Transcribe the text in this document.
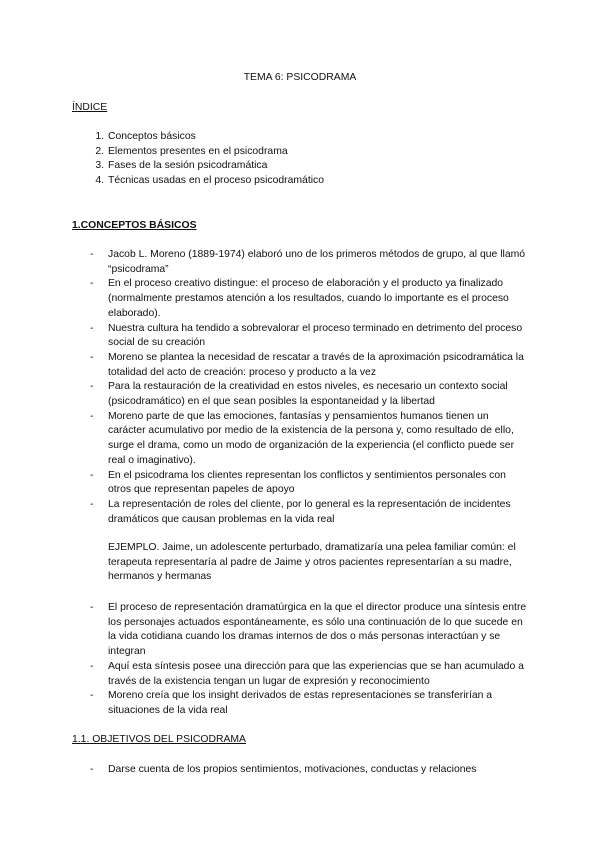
TEMA 6: PSICODRAMA
ÍNDICE
1. Conceptos básicos
2. Elementos presentes en el psicodrama
3. Fases de la sesión psicodramática
4. Técnicas usadas en el proceso psicodramático
1.CONCEPTOS BÁSICOS
- Jacob L. Moreno (1889-1974) elaboró uno de los primeros métodos de grupo, al que llamó “psicodrama”
- En el proceso creativo distingue: el proceso de elaboración y el producto ya finalizado (normalmente prestamos atención a los resultados, cuando lo importante es el proceso elaborado).
- Nuestra cultura ha tendido a sobrevalorar el proceso terminado en detrimento del proceso social de su creación
- Moreno se plantea la necesidad de rescatar a través de la aproximación psicodramática la totalidad del acto de creación: proceso y producto a la vez
- Para la restauración de la creatividad en estos niveles, es necesario un contexto social (psicodramático) en el que sean posibles la espontaneidad y la libertad
- Moreno parte de que las emociones, fantasías y pensamientos humanos tienen un carácter acumulativo por medio de la existencia de la persona y, como resultado de ello, surge el drama, como un modo de organización de la experiencia (el conflicto puede ser real o imaginativo).
- En el psicodrama los clientes representan los conflictos y sentimientos personales con otros que representan papeles de apoyo
- La representación de roles del cliente, por lo general es la representación de incidentes dramáticos que causan problemas en la vida real
EJEMPLO. Jaime, un adolescente perturbado, dramatizaría una pelea familiar común: el terapeuta representaría al padre de Jaime y otros pacientes representarían a su madre, hermanos y hermanas
- El proceso de representación dramatúrgica en la que el director produce una síntesis entre los personajes actuados espontáneamente, es sólo una continuación de lo que sucede en la vida cotidiana cuando los dramas internos de dos o más personas interactúan y se integran
- Aquí esta síntesis posee una dirección para que las experiencias que se han acumulado a través de la existencia tengan un lugar de expresión y reconocimiento
- Moreno creía que los insight derivados de estas representaciones se transferirían a situaciones de la vida real
1.1. OBJETIVOS DEL PSICODRAMA
- Darse cuenta de los propios sentimientos, motivaciones, conductas y relaciones
